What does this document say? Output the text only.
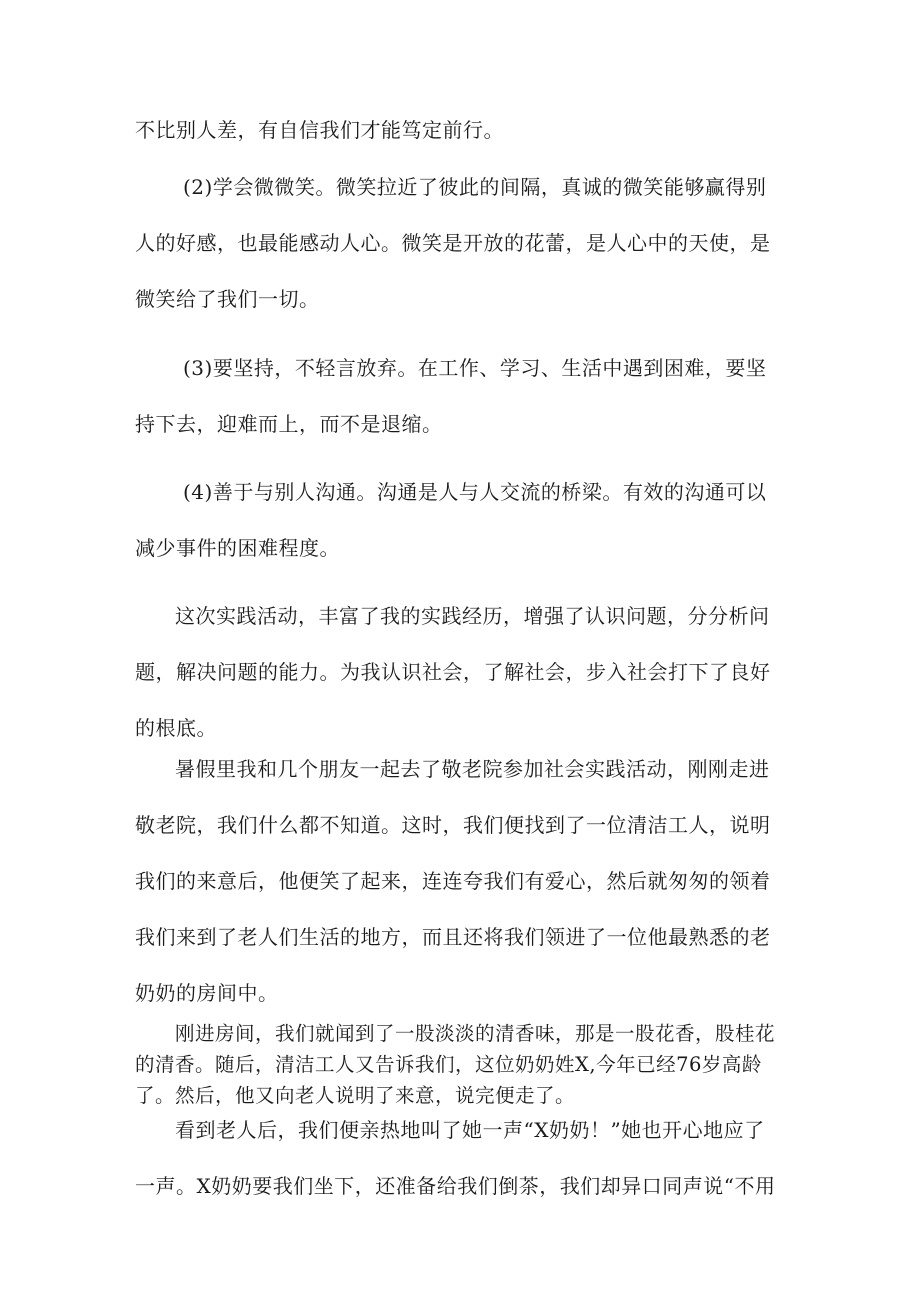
不比别人差，有自信我们才能笃定前行。

(2)学会微微笑。微笑拉近了彼此的间隔，真诚的微笑能够赢得别人的好感，也最能感动人心。微笑是开放的花蕾，是人心中的天使，是微笑给了我们一切。

(3)要坚持，不轻言放弃。在工作、学习、生活中遇到困难，要坚持下去，迎难而上，而不是退缩。

(4)善于与别人沟通。沟通是人与人交流的桥梁。有效的沟通可以减少事件的困难程度。

这次实践活动，丰富了我的实践经历，增强了认识问题，分分析问题，解决问题的能力。为我认识社会，了解社会，步入社会打下了良好的根底。

暑假里我和几个朋友一起去了敬老院参加社会实践活动，刚刚走进敬老院，我们什么都不知道。这时，我们便找到了一位清洁工人，说明我们的来意后，他便笑了起来，连连夸我们有爱心，然后就匆匆的领着我们来到了老人们生活的地方，而且还将我们领进了一位他最熟悉的老奶奶的房间中。

刚进房间，我们就闻到了一股淡淡的清香味，那是一股花香，股桂花的清香。随后，清洁工人又告诉我们，这位奶奶姓X,今年已经76岁高龄了。然后，他又向老人说明了来意，说完便走了。

看到老人后，我们便亲热地叫了她一声“X奶奶！”她也开心地应了一声。X奶奶要我们坐下，还准备给我们倒茶，我们却异口同声说“不用
